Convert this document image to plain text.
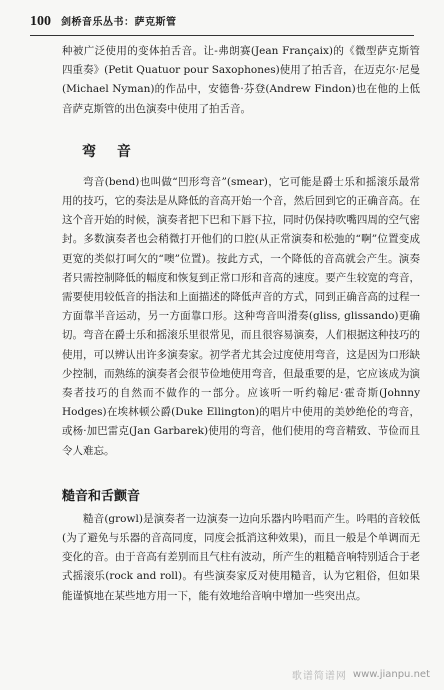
100 剑桥音乐丛书：萨克斯管

种被广泛使用的变体拍舌音。让-弗朗赛(Jean Françaix)的《微型萨克斯管四重奏》(Petit Quatuor pour Saxophones)使用了拍舌音，在迈克尔·尼曼(Michael Nyman)的作品中，安德鲁·芬登(Andrew Findon)也在他的上低音萨克斯管的出色演奏中使用了拍舌音。

弯 音

弯音(bend)也叫做“凹形弯音”(smear)，它可能是爵士乐和摇滚乐最常用的技巧，它的奏法是从降低的音高开始一个音，然后回到它的正确音高。在这个音开始的时候，演奏者把下巴和下唇下拉，同时仍保持吹嘴四周的空气密封。多数演奏者也会稍微打开他们的口腔(从正常演奏和松弛的“啊”位置变成更宽的类似打呵欠的“噢”位置)。按此方式，一个降低的音高就会产生。演奏者只需控制降低的幅度和恢复到正常口形和音高的速度。要产生较宽的弯音，需要使用较低音的指法和上面描述的降低声音的方式，同到正确音高的过程一方面靠半音运动，另一方面靠口形。这种弯音叫滑奏(gliss, glissando)更确切。弯音在爵士乐和摇滚乐里很常见，而且很容易演奏，人们根据这种技巧的使用，可以辨认出许多演奏家。初学者尤其会过度使用弯音，这是因为口形缺少控制，而熟练的演奏者会很节俭地使用弯音，但最重要的是，它应该成为演奏者技巧的自然而不做作的一部分。应该听一听约翰尼·霍奇斯(Johnny Hodges)在埃林顿公爵(Duke Ellington)的唱片中使用的美妙绝伦的弯音，或杨·加巴雷克(Jan Garbarek)使用的弯音，他们使用的弯音精致、节俭而且令人难忘。

糙音和舌颤音

糙音(growl)是演奏者一边演奏一边向乐器内吟唱而产生。吟唱的音较低(为了避免与乐器的音高同度，同度会抵消这种效果)，而且一般是个单调而无变化的音。由于音高有差别而且气柱有波动，所产生的粗糙音响特别适合于老式摇滚乐(rock and roll)。有些演奏家反对使用糙音，认为它粗俗，但如果能谨慎地在某些地方用一下，能有效地给音响中增加一些突出点。

歌谱简谱网 www.jianpu.net
